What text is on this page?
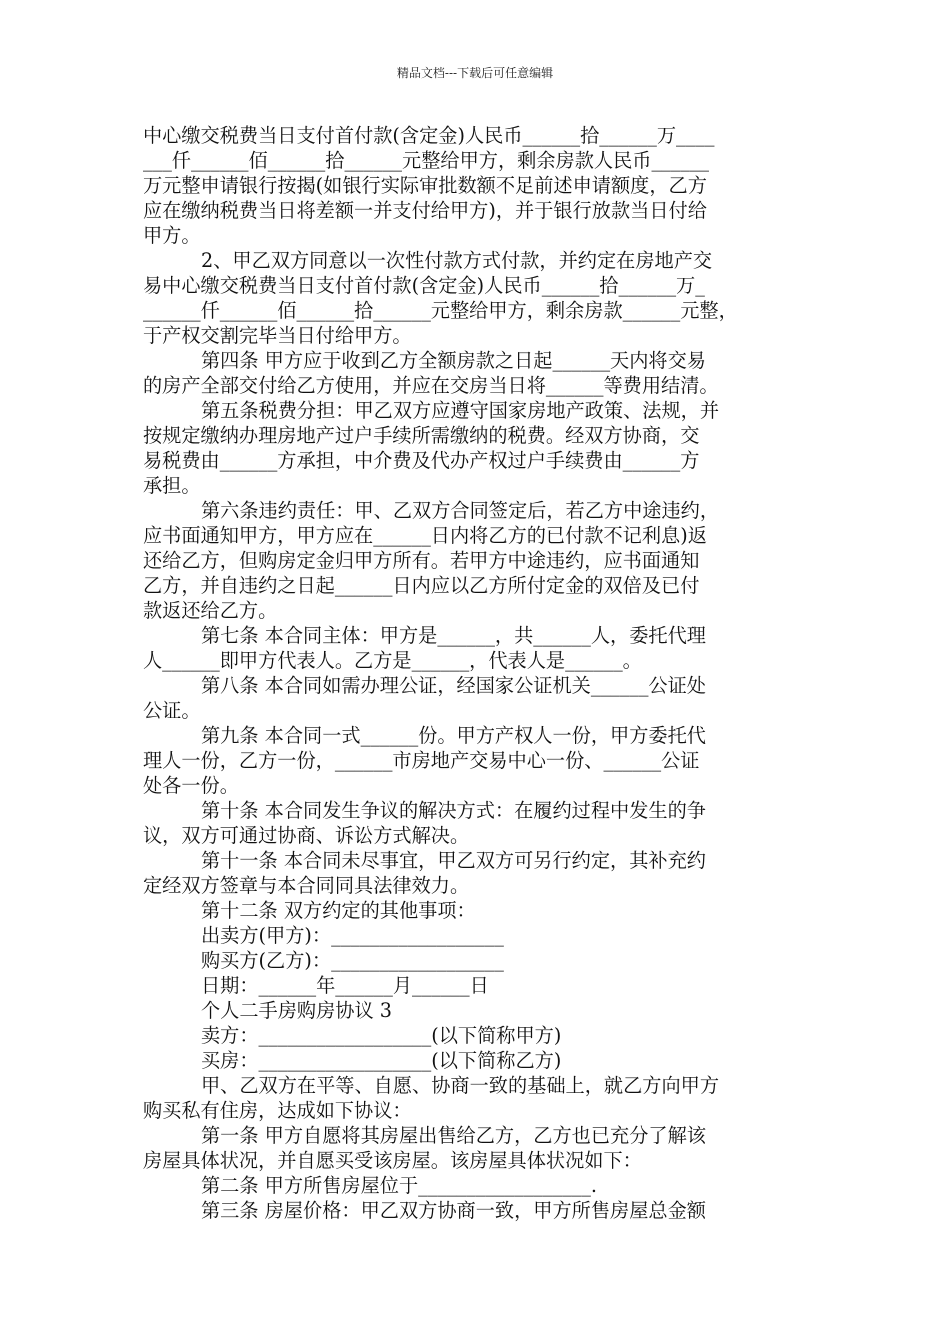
精品文档---下载后可任意编辑

中心缴交税费当日支付首付款(含定金)人民币______拾______万____

___仟______佰______拾______元整给甲方，剩余房款人民币______

万元整申请银行按揭(如银行实际审批数额不足前述申请额度，乙方

应在缴纳税费当日将差额一并支付给甲方)，并于银行放款当日付给

甲方。

2、甲乙双方同意以一次性付款方式付款，并约定在房地产交

易中心缴交税费当日支付首付款(含定金)人民币______拾______万_

______仟______佰______拾______元整给甲方，剩余房款______元整，

于产权交割完毕当日付给甲方。

第四条 甲方应于收到乙方全额房款之日起______天内将交易

的房产全部交付给乙方使用，并应在交房当日将______等费用结清。

第五条税费分担：甲乙双方应遵守国家房地产政策、法规，并

按规定缴纳办理房地产过户手续所需缴纳的税费。经双方协商，交

易税费由______方承担，中介费及代办产权过户手续费由______方

承担。

第六条违约责任：甲、乙双方合同签定后，若乙方中途违约，

应书面通知甲方，甲方应在______日内将乙方的已付款不记利息)返

还给乙方，但购房定金归甲方所有。若甲方中途违约，应书面通知

乙方，并自违约之日起______日内应以乙方所付定金的双倍及已付

款返还给乙方。

第七条 本合同主体：甲方是______，共______人，委托代理

人______即甲方代表人。乙方是______，代表人是______。

第八条 本合同如需办理公证，经国家公证机关______公证处

公证。

第九条 本合同一式______份。甲方产权人一份，甲方委托代

理人一份，乙方一份，______市房地产交易中心一份、______公证

处各一份。

第十条 本合同发生争议的解决方式：在履约过程中发生的争

议，双方可通过协商、诉讼方式解决。

第十一条 本合同未尽事宜，甲乙双方可另行约定，其补充约

定经双方签章与本合同同具法律效力。

第十二条 双方约定的其他事项：

出卖方(甲方)：__________________

购买方(乙方)：__________________

日期：______年______月______日

个人二手房购房协议 3

卖方：__________________(以下简称甲方)

买房：__________________(以下简称乙方)

甲、乙双方在平等、自愿、协商一致的基础上，就乙方向甲方

购买私有住房，达成如下协议：

第一条 甲方自愿将其房屋出售给乙方，乙方也已充分了解该

房屋具体状况，并自愿买受该房屋。该房屋具体状况如下：

第二条 甲方所售房屋位于__________________.

第三条 房屋价格：甲乙双方协商一致，甲方所售房屋总金额
